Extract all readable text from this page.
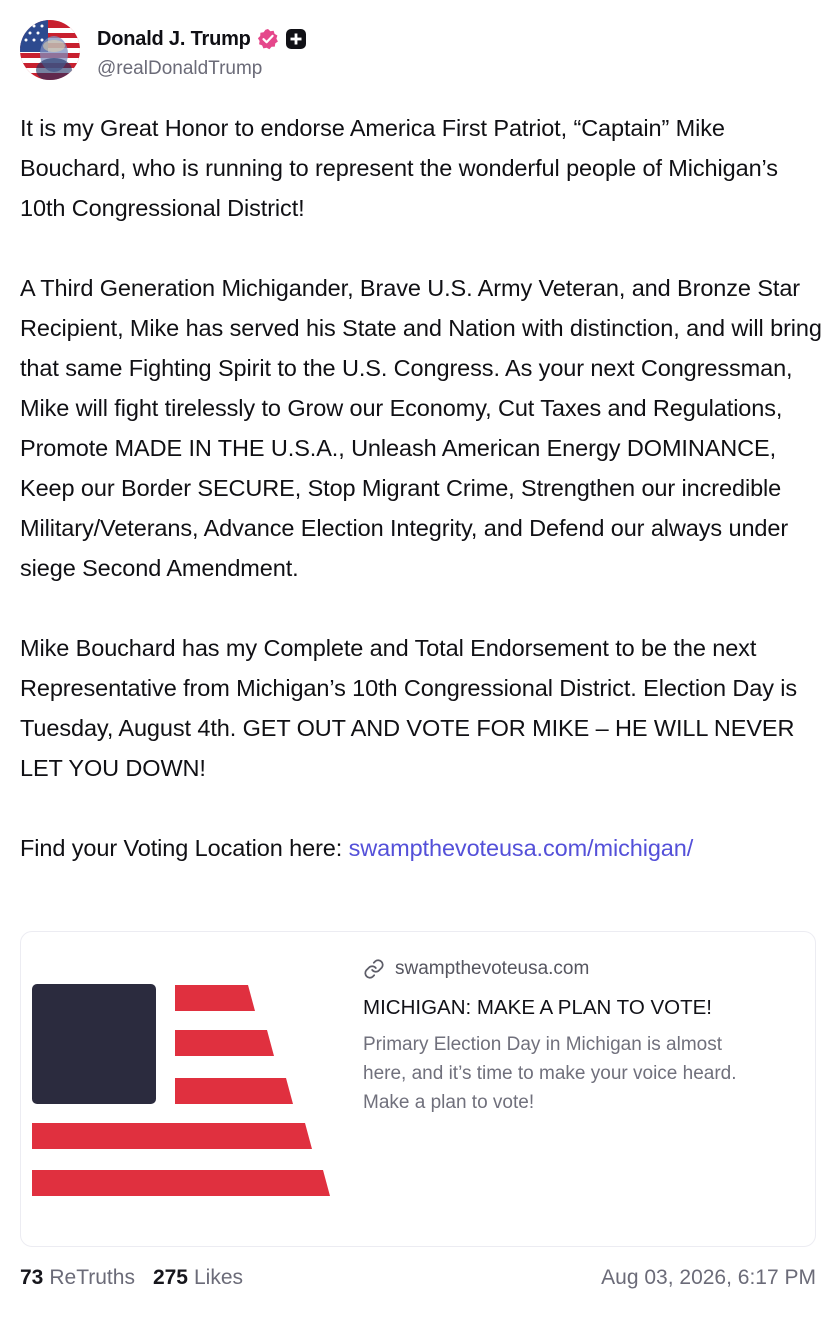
Donald J. Trump
@realDonaldTrump

It is my Great Honor to endorse America First Patriot, “Captain” Mike Bouchard, who is running to represent the wonderful people of Michigan’s 10th Congressional District!

A Third Generation Michigander, Brave U.S. Army Veteran, and Bronze Star Recipient, Mike has served his State and Nation with distinction, and will bring that same Fighting Spirit to the U.S. Congress. As your next Congressman, Mike will fight tirelessly to Grow our Economy, Cut Taxes and Regulations, Promote MADE IN THE U.S.A., Unleash American Energy DOMINANCE, Keep our Border SECURE, Stop Migrant Crime, Strengthen our incredible Military/Veterans, Advance Election Integrity, and Defend our always under siege Second Amendment.

Mike Bouchard has my Complete and Total Endorsement to be the next Representative from Michigan’s 10th Congressional District. Election Day is Tuesday, August 4th. GET OUT AND VOTE FOR MIKE – HE WILL NEVER LET YOU DOWN!

Find your Voting Location here: swampthevoteusa.com/michigan/

swampthevoteusa.com
MICHIGAN: MAKE A PLAN TO VOTE!
Primary Election Day in Michigan is almost here, and it’s time to make your voice heard. Make a plan to vote!
73 ReTruths 275 Likes	Aug 03, 2026, 6:17 PM
